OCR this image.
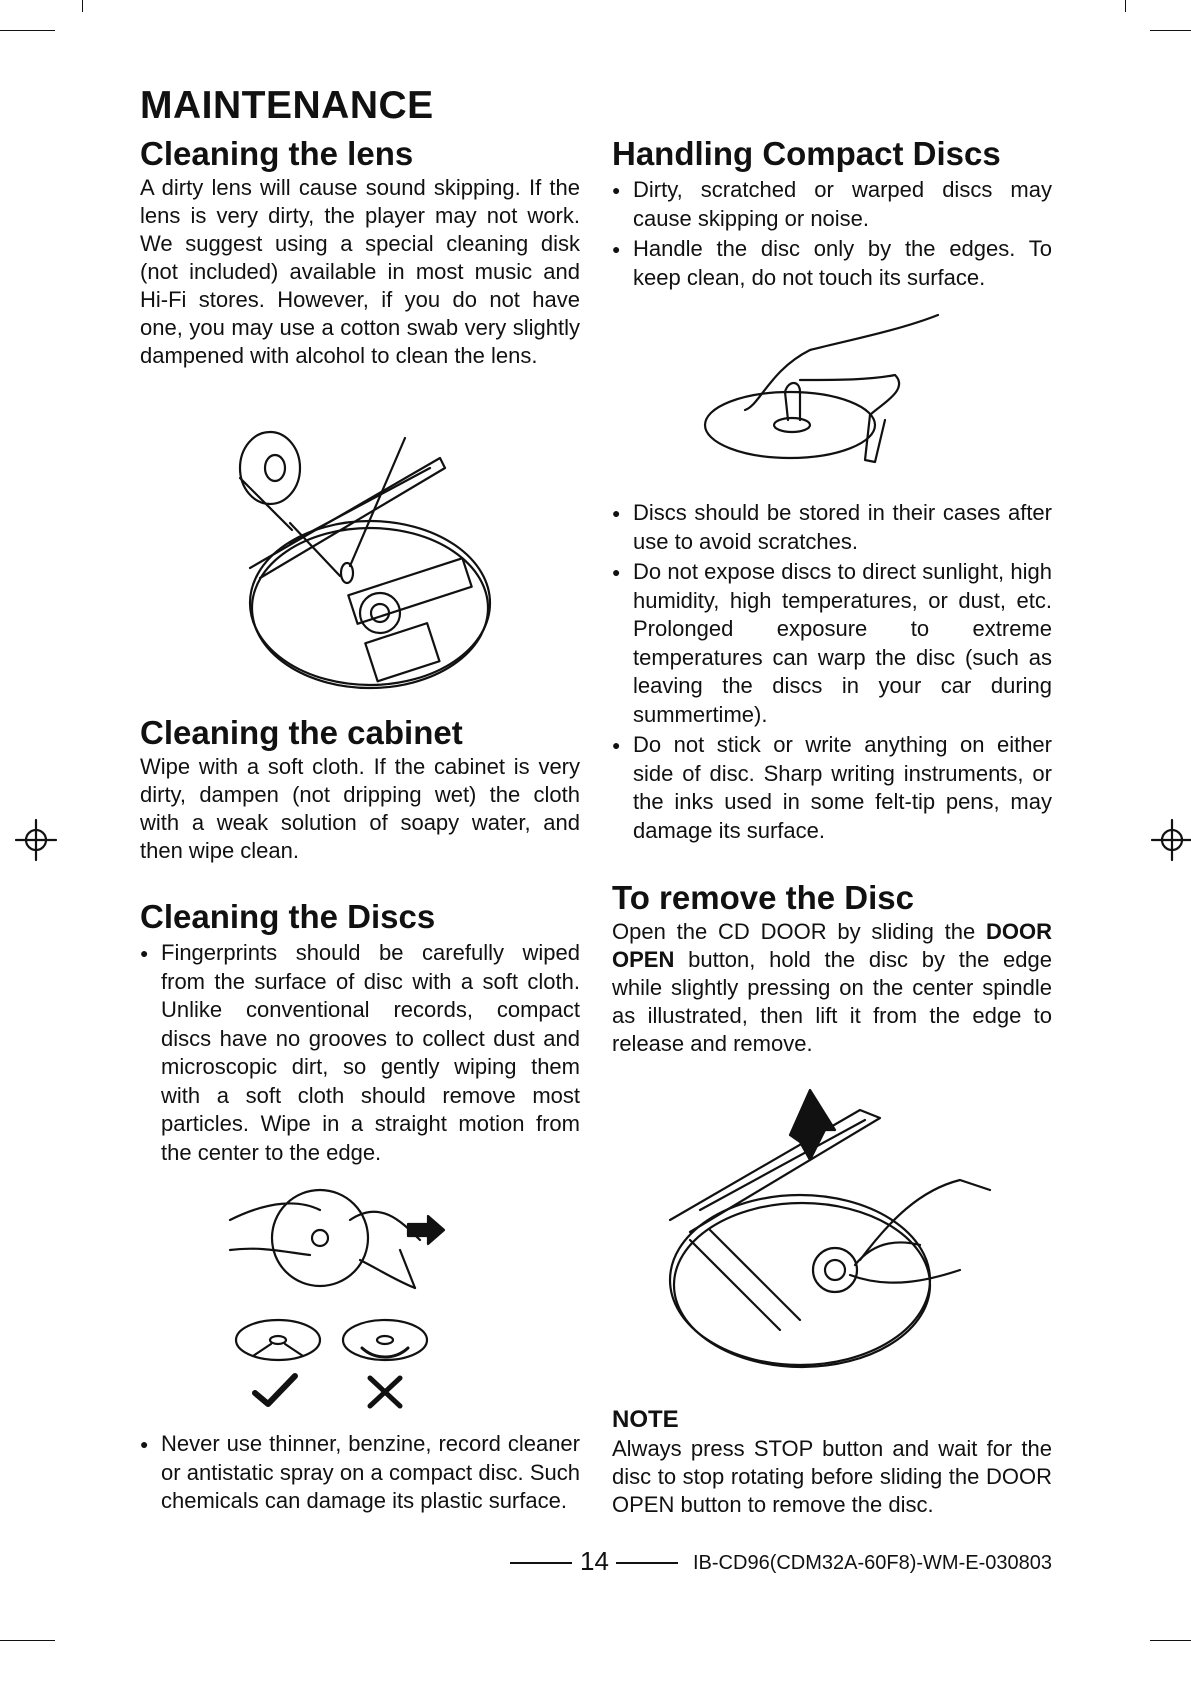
MAINTENANCE
Cleaning the lens

A dirty lens will cause sound skipping. If the lens is very dirty, the player may not work. We suggest using a special cleaning disk (not included) available in most music and Hi-Fi stores. However, if you do not have one, you may use a cotton swab very slightly dampened with alcohol to clean the lens.

Cleaning the cabinet

Wipe with a soft cloth. If the cabinet is very dirty, dampen (not dripping wet) the cloth with a weak solution of soapy water, and then wipe clean.

Cleaning the Discs
● Fingerprints should be carefully wiped from the surface of disc with a soft cloth. Unlike conventional records, compact discs have no grooves to collect dust and microscopic dirt, so gently wiping them with a soft cloth should remove most particles. Wipe in a straight motion from the center to the edge.
● Never use thinner, benzine, record cleaner or antistatic spray on a compact disc. Such chemicals can damage its plastic surface.
Handling Compact Discs
● Dirty, scratched or warped discs may cause skipping or noise.
● Handle the disc only by the edges. To keep clean, do not touch its surface.
● Discs should be stored in their cases after use to avoid scratches.
● Do not expose discs to direct sunlight, high humidity, high temperatures, or dust, etc. Prolonged exposure to extreme temperatures can warp the disc (such as leaving the discs in your car during summertime).
● Do not stick or write anything on either side of disc. Sharp writing instruments, or the inks used in some felt-tip pens, may damage its surface.
To remove the Disc

Open the CD DOOR by sliding the DOOR OPEN button, hold the disc by the edge while slightly pressing on the center spindle as illustrated, then lift it from the edge to release and remove.

NOTE

Always press STOP button and wait for the disc to stop rotating before sliding the DOOR OPEN button to remove the disc.

14	IB-CD96(CDM32A-60F8)-WM-E-030803
